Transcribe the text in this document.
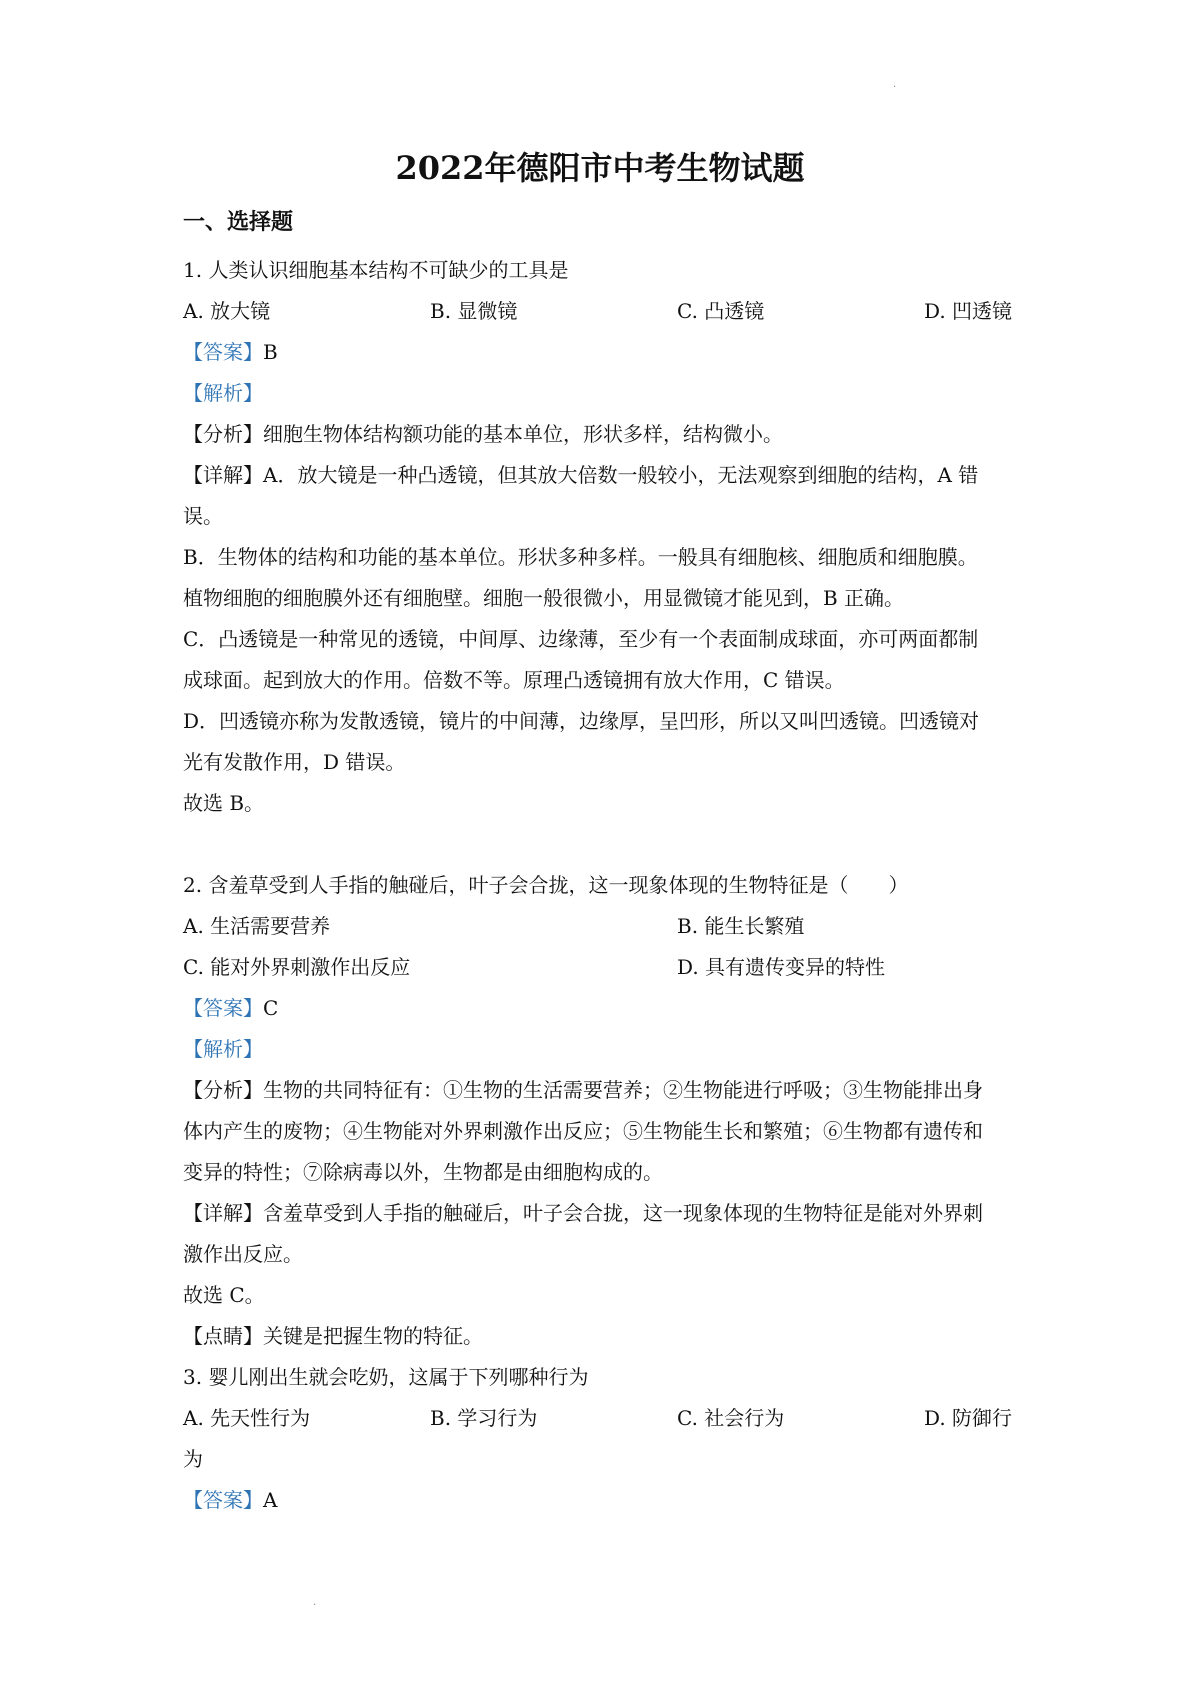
·
2022年德阳市中考生物试题
一、选择题
1. 人类认识细胞基本结构不可缺少的工具是
A. 放大镜	B. 显微镜	C. 凸透镜	D. 凹透镜
【答案】B
【解析】
【分析】细胞生物体结构额功能的基本单位，形状多样，结构微小。
【详解】A．放大镜是一种凸透镜，但其放大倍数一般较小，无法观察到细胞的结构，A 错
误。
B．生物体的结构和功能的基本单位。形状多种多样。一般具有细胞核、细胞质和细胞膜。
植物细胞的细胞膜外还有细胞壁。细胞一般很微小，用显微镜才能见到，B 正确。
C．凸透镜是一种常见的透镜，中间厚、边缘薄，至少有一个表面制成球面，亦可两面都制
成球面。起到放大的作用。倍数不等。原理凸透镜拥有放大作用，C 错误。
D．凹透镜亦称为发散透镜，镜片的中间薄，边缘厚，呈凹形，所以又叫凹透镜。凹透镜对
光有发散作用，D 错误。
故选 B。
2. 含羞草受到人手指的触碰后，叶子会合拢，这一现象体现的生物特征是（　　）
A. 生活需要营养	B. 能生长繁殖
C. 能对外界刺激作出反应	D. 具有遗传变异的特性
【答案】C
【解析】
【分析】生物的共同特征有：①生物的生活需要营养；②生物能进行呼吸；③生物能排出身
体内产生的废物；④生物能对外界刺激作出反应；⑤生物能生长和繁殖；⑥生物都有遗传和
变异的特性；⑦除病毒以外，生物都是由细胞构成的。
【详解】含羞草受到人手指的触碰后，叶子会合拢，这一现象体现的生物特征是能对外界刺
激作出反应。
故选 C。
【点睛】关键是把握生物的特征。
3. 婴儿刚出生就会吃奶，这属于下列哪种行为
A. 先天性行为	B. 学习行为	C. 社会行为	D. 防御行
为
【答案】A
·
